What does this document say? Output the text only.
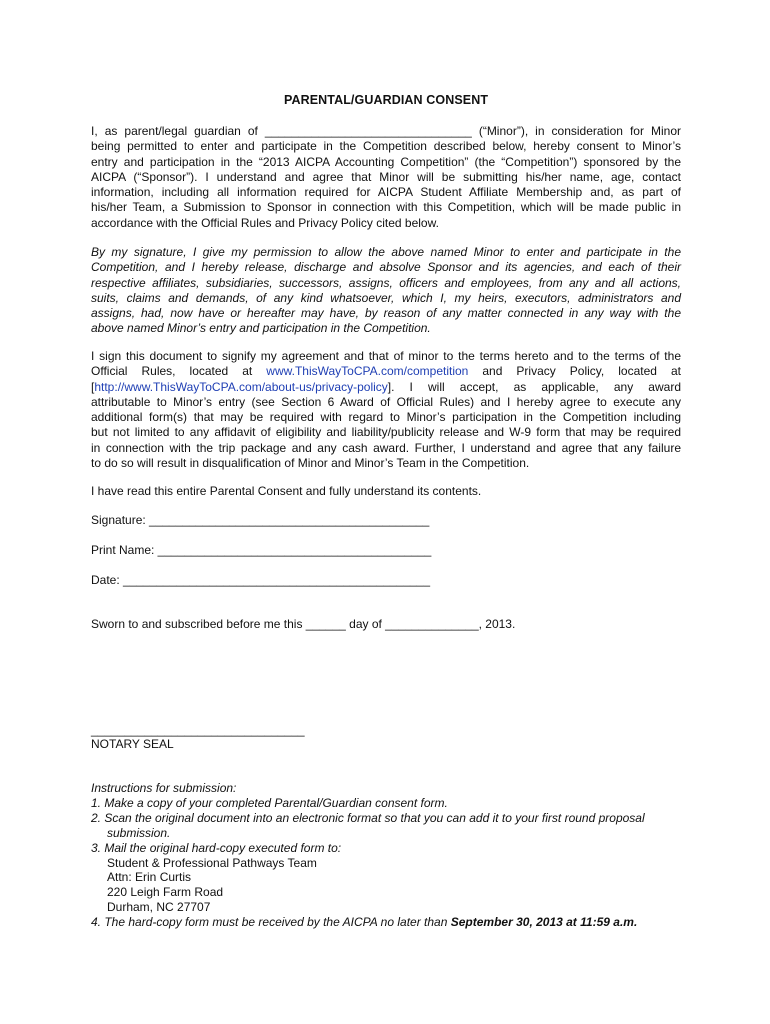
PARENTAL/GUARDIAN CONSENT
I, as parent/legal guardian of _______________________________ (“Minor”), in consideration for Minor
being permitted to enter and participate in the Competition described below, hereby consent to Minor’s
entry and participation in the “2013 AICPA Accounting Competition” (the “Competition”) sponsored by the
AICPA (“Sponsor”). I understand and agree that Minor will be submitting his/her name, age, contact
information, including all information required for AICPA Student Affiliate Membership and, as part of
his/her Team, a Submission to Sponsor in connection with this Competition, which will be made public in
accordance with the Official Rules and Privacy Policy cited below.
By my signature, I give my permission to allow the above named Minor to enter and participate in the
Competition, and I hereby release, discharge and absolve Sponsor and its agencies, and each of their
respective affiliates, subsidiaries, successors, assigns, officers and employees, from any and all actions,
suits, claims and demands, of any kind whatsoever, which I, my heirs, executors, administrators and
assigns, had, now have or hereafter may have, by reason of any matter connected in any way with the
above named Minor’s entry and participation in the Competition.
I sign this document to signify my agreement and that of minor to the terms hereto and to the terms of the
Official Rules, located at www.ThisWayToCPA.com/competition and Privacy Policy, located at
[http://www.ThisWayToCPA.com/about-us/privacy-policy]. I will accept, as applicable, any award
attributable to Minor’s entry (see Section 6 Award of Official Rules) and I hereby agree to execute any
additional form(s) that may be required with regard to Minor’s participation in the Competition including
but not limited to any affidavit of eligibility and liability/publicity release and W-9 form that may be required
in connection with the trip package and any cash award. Further, I understand and agree that any failure
to do so will result in disqualification of Minor and Minor’s Team in the Competition.
I have read this entire Parental Consent and fully understand its contents.
Signature: __________________________________________
Print Name: _________________________________________
Date: ______________________________________________
Sworn to and subscribed before me this ______ day of ______________, 2013.
________________________________
NOTARY SEAL
Instructions for submission:
1. Make a copy of your completed Parental/Guardian consent form.
2. Scan the original document into an electronic format so that you can add it to your first round proposal
submission.
3. Mail the original hard-copy executed form to:
Student & Professional Pathways Team
Attn: Erin Curtis
220 Leigh Farm Road
Durham, NC 27707
4. The hard-copy form must be received by the AICPA no later than September 30, 2013 at 11:59 a.m.
